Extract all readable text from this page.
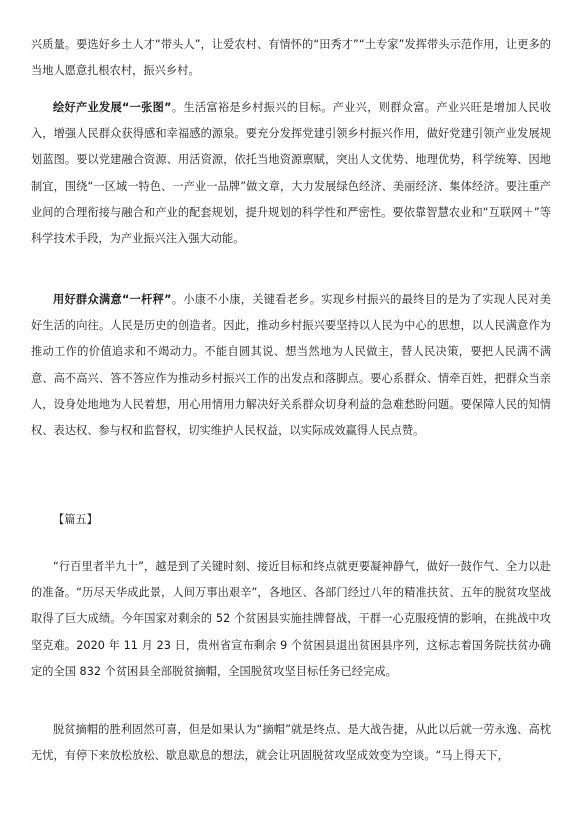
兴质量。要选好乡土人才“带头人”，让爱农村、有情怀的“田秀才”“土专家”发挥带头示范作用，让更多的当地人愿意扎根农村，振兴乡村。

绘好产业发展“一张图”。生活富裕是乡村振兴的目标。产业兴，则群众富。产业兴旺是增加人民收入，增强人民群众获得感和幸福感的源泉。要充分发挥党建引领乡村振兴作用，做好党建引领产业发展规划蓝图。要以党建融合资源、用活资源，依托当地资源禀赋，突出人文优势、地理优势，科学统筹、因地制宜，围绕“一区域一特色、一产业一品牌”做文章，大力发展绿色经济、美丽经济、集体经济。要注重产业间的合理衔接与融合和产业的配套规划，提升规划的科学性和严密性。要依靠智慧农业和“互联网＋”等科学技术手段，为产业振兴注入强大动能。

用好群众满意“一杆秤”。小康不小康，关键看老乡。实现乡村振兴的最终目的是为了实现人民对美好生活的向往。人民是历史的创造者。因此，推动乡村振兴要坚持以人民为中心的思想，以人民满意作为推动工作的价值追求和不竭动力。不能自圆其说、想当然地为人民做主，替人民决策，要把人民满不满意、高不高兴、答不答应作为推动乡村振兴工作的出发点和落脚点。要心系群众、情牵百姓，把群众当亲人，设身处地地为人民着想，用心用情用力解决好关系群众切身利益的急难愁盼问题。要保障人民的知情权、表达权、参与权和监督权，切实维护人民权益，以实际成效赢得人民点赞。

【篇五】

“行百里者半九十”，越是到了关键时刻、接近目标和终点就更要凝神静气，做好一鼓作气、全力以赴的准备。“历尽天华成此景，人间万事出艰辛”，各地区、各部门经过八年的精准扶贫、五年的脱贫攻坚战取得了巨大成绩。今年国家对剩余的 52 个贫困县实施挂牌督战，干群一心克服疫情的影响，在挑战中攻坚克难。2020 年 11 月 23 日，贵州省宣布剩余 9 个贫困县退出贫困县序列，这标志着国务院扶贫办确定的全国 832 个贫困县全部脱贫摘帽，全国脱贫攻坚目标任务已经完成。

脱贫摘帽的胜利固然可喜，但是如果认为“摘帽”就是终点、是大战告捷，从此以后就一劳永逸、高枕无忧，有停下来放松放松、歇息歇息的想法，就会让巩固脱贫攻坚成效变为空谈。“马上得天下，
